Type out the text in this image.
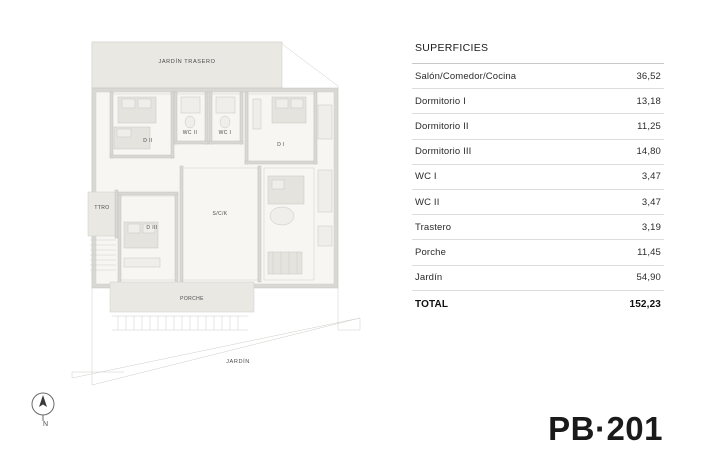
JARDÍN TRASERO
JARDÍN
D II
WC II	WC I
D I
TTRO
D III
S/C/K
PORCHE
N
SUPERFICIES
Salón/Comedor/Cocina	36,52
Dormitorio I	13,18
Dormitorio II	11,25
Dormitorio III	14,80
WC I	3,47
WC II	3,47
Trastero	3,19
Porche	11,45
Jardín	54,90
TOTAL	152,23
PB·201
